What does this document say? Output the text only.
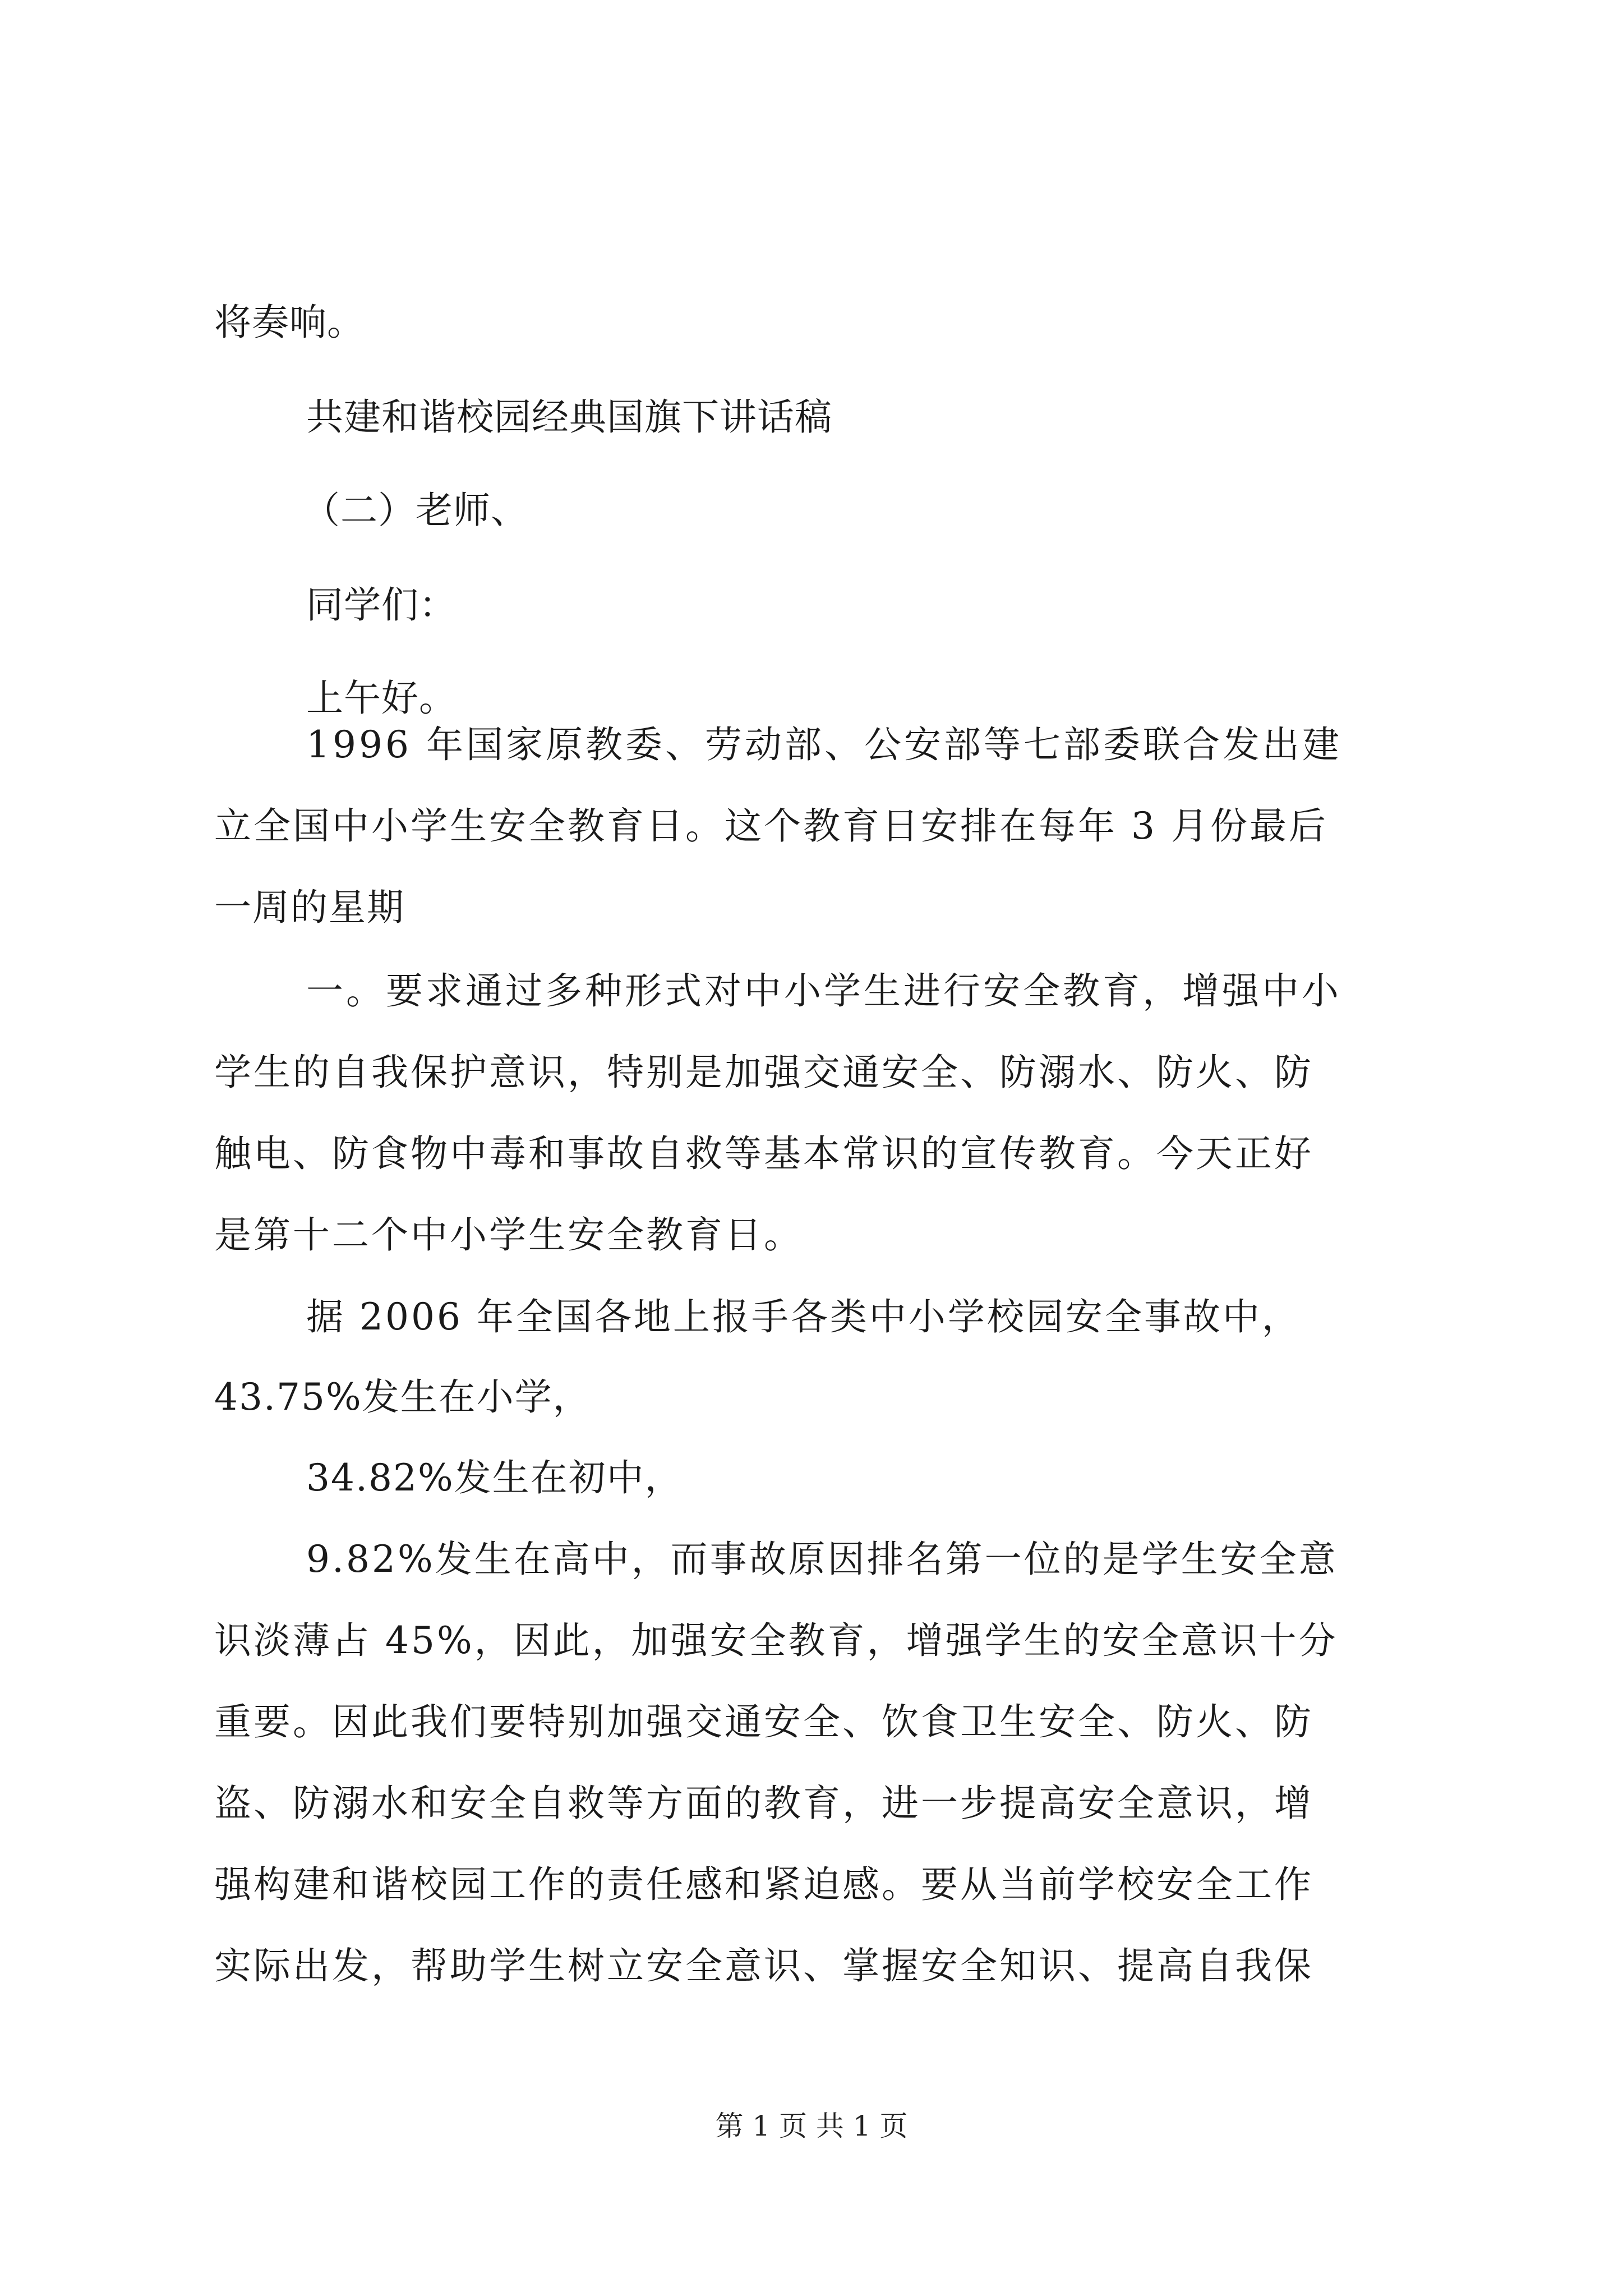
将奏响。
共建和谐校园经典国旗下讲话稿
（二）老师、
同学们：
上午好。
1996 年国家原教委、劳动部、公安部等七部委联合发出建
立全国中小学生安全教育日。这个教育日安排在每年 3 月份最后
一周的星期
一。要求通过多种形式对中小学生进行安全教育，增强中小
学生的自我保护意识，特别是加强交通安全、防溺水、防火、防
触电、防食物中毒和事故自救等基本常识的宣传教育。今天正好
是第十二个中小学生安全教育日。
据 2006 年全国各地上报手各类中小学校园安全事故中，
43.75%发生在小学，
34.82%发生在初中，
9.82%发生在高中，而事故原因排名第一位的是学生安全意
识淡薄占 45%，因此，加强安全教育，增强学生的安全意识十分
重要。因此我们要特别加强交通安全、饮食卫生安全、防火、防
盗、防溺水和安全自救等方面的教育，进一步提高安全意识，增
强构建和谐校园工作的责任感和紧迫感。要从当前学校安全工作
实际出发，帮助学生树立安全意识、掌握安全知识、提高自我保
第 1 页 共 1 页
